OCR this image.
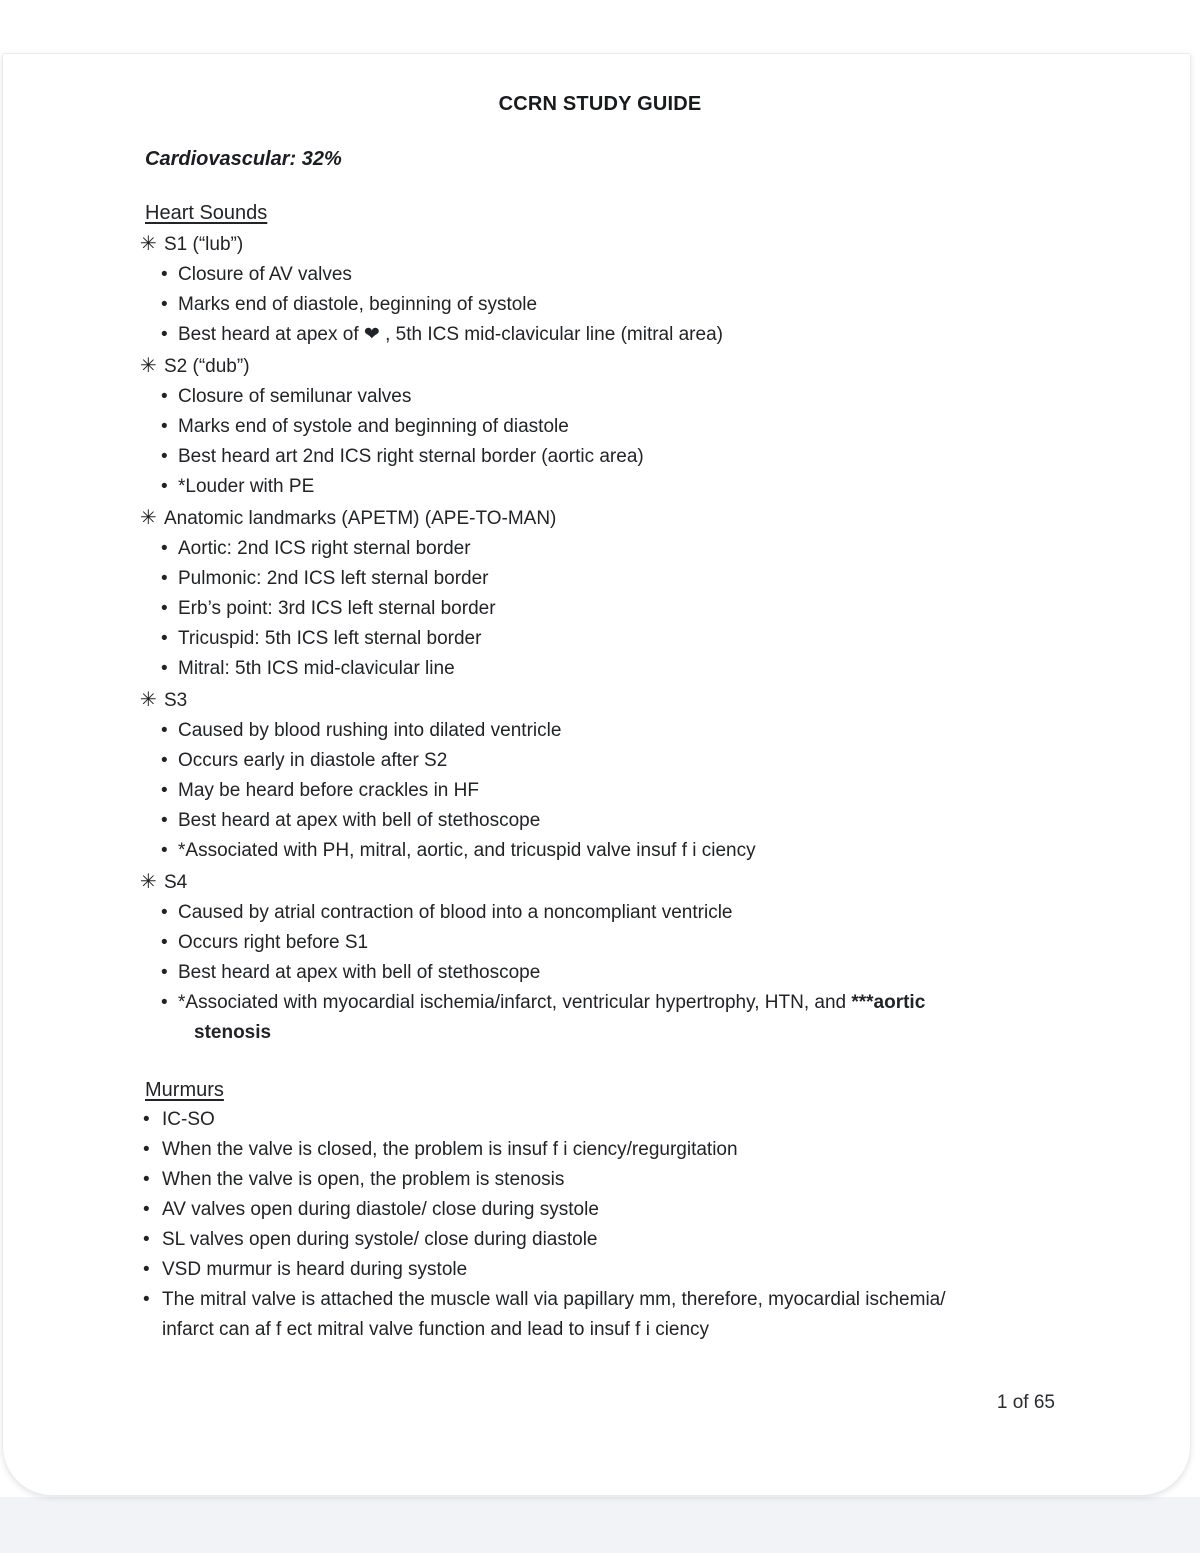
CCRN STUDY GUIDE
Cardiovascular: 32%
Heart Sounds
✳︎ S1 (“lub”)
• Closure of AV valves
• Marks end of diastole, beginning of systole
• Best heard at apex of ❤︎ , 5th ICS mid-clavicular line (mitral area)
✳︎ S2 (“dub”)
• Closure of semilunar valves
• Marks end of systole and beginning of diastole
• Best heard art 2nd ICS right sternal border (aortic area)
• *Louder with PE
✳︎ Anatomic landmarks (APETM) (APE-TO-MAN)
• Aortic: 2nd ICS right sternal border
• Pulmonic: 2nd ICS left sternal border
• Erb’s point: 3rd ICS left sternal border
• Tricuspid: 5th ICS left sternal border
• Mitral: 5th ICS mid-clavicular line
✳︎ S3
• Caused by blood rushing into dilated ventricle
• Occurs early in diastole after S2
• May be heard before crackles in HF
• Best heard at apex with bell of stethoscope
• *Associated with PH, mitral, aortic, and tricuspid valve insuf f i ciency
✳︎ S4
• Caused by atrial contraction of blood into a noncompliant ventricle
• Occurs right before S1
• Best heard at apex with bell of stethoscope
• *Associated with myocardial ischemia/infarct, ventricular hypertrophy, HTN, and ***aortic
stenosis
Murmurs
• IC-SO
• When the valve is closed, the problem is insuf f i ciency/regurgitation
• When the valve is open, the problem is stenosis
• AV valves open during diastole/ close during systole
• SL valves open during systole/ close during diastole
• VSD murmur is heard during systole
• The mitral valve is attached the muscle wall via papillary mm, therefore, myocardial ischemia/
infarct can af f ect mitral valve function and lead to insuf f i ciency
1 of 65
